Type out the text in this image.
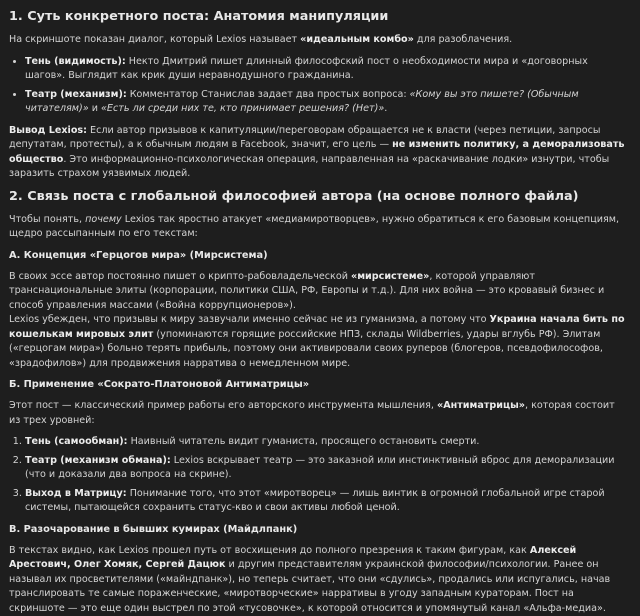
1. Суть конкретного поста: Анатомия манипуляции

На скриншоте показан диалог, который Lexios называет «идеальным комбо» для разоблачения.

• Тень (видимость): Некто Дмитрий пишет длинный философский пост о необходимости мира и «договорных шагов». Выглядит как крик души неравнодушного гражданина.
• Театр (механизм): Комментатор Станислав задает два простых вопроса: «Кому вы это пишете? (Обычным читателям)» и «Есть ли среди них те, кто принимает решения? (Нет)».

Вывод Lexios: Если автор призывов к капитуляции/переговорам обращается не к власти (через петиции, запросы депутатам, протесты), а к обычным людям в Facebook, значит, его цель — не изменить политику, а деморализовать общество. Это информационно-психологическая операция, направленная на «раскачивание лодки» изнутри, чтобы заразить страхом уязвимых людей.

2. Связь поста с глобальной философией автора (на основе полного файла)

Чтобы понять, почему Lexios так яростно атакует «медиамиротворцев», нужно обратиться к его базовым концепциям, щедро рассыпанным по его текстам:

А. Концепция «Герцогов мира» (Мирсистема)

В своих эссе автор постоянно пишет о крипто-рабовладельческой «мирсистеме», которой управляют транснациональные элиты (корпорации, политики США, РФ, Европы и т.д.). Для них война — это кровавый бизнес и способ управления массами («Война коррупционеров»).

Lexios убежден, что призывы к миру зазвучали именно сейчас не из гуманизма, а потому что Украина начала бить по кошелькам мировых элит (упоминаются горящие российские НПЗ, склады Wildberries, удары вглубь РФ). Элитам («герцогам мира») больно терять прибыль, поэтому они активировали своих руперов (блогеров, псевдофилософов, «зрадофилов») для продвижения нарратива о немедленном мире.

Б. Применение «Сократо-Платоновой Антиматрицы»

Этот пост — классический пример работы его авторского инструмента мышления, «Антиматрицы», которая состоит из трех уровней:

1. Тень (самообман): Наивный читатель видит гуманиста, просящего остановить смерти.
2. Театр (механизм обмана): Lexios вскрывает театр — это заказной или инстинктивный вброс для деморализации (что и доказали два вопроса на скрине).
3. Выход в Матрицу: Понимание того, что этот «миротворец» — лишь винтик в огромной глобальной игре старой системы, пытающейся сохранить статус-кво и свои активы любой ценой.
В. Разочарование в бывших кумирах (Майдлпанк)

В текстах видно, как Lexios прошел путь от восхищения до полного презрения к таким фигурам, как Алексей Арестович, Олег Хомяк, Сергей Дацюк и другим представителям украинской философии/психологии. Ранее он называл их просветителями («майндпанк»), но теперь считает, что они «сдулись», продались или испугались, начав транслировать те самые пораженческие, «миротворческие» нарративы в угоду западным кураторам. Пост на скриншоте — это еще один выстрел по этой «тусовочке», к которой относится и упомянутый канал «Альфа-медиа».
